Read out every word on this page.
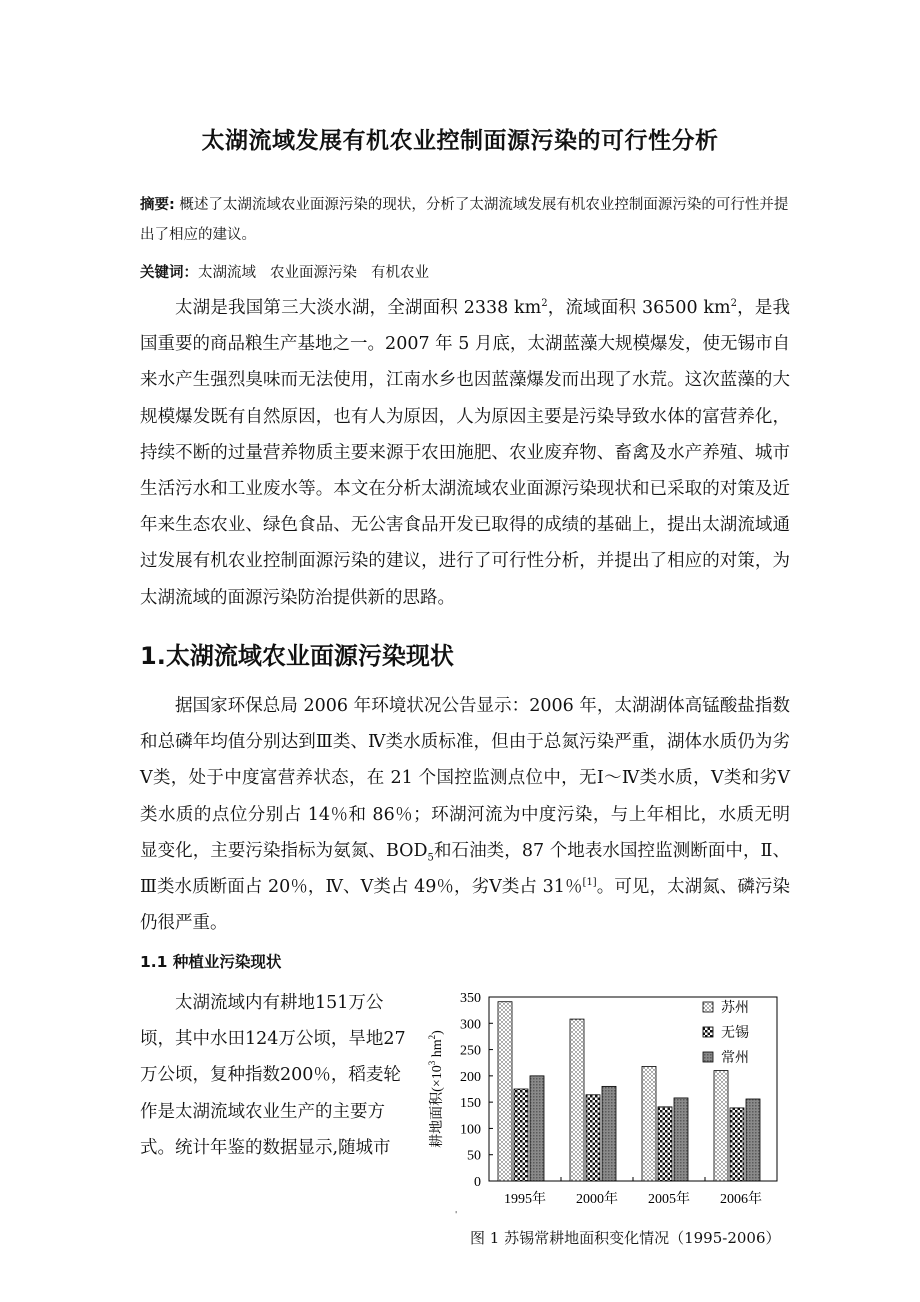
太湖流域发展有机农业控制面源污染的可行性分析
摘要: 概述了太湖流域农业面源污染的现状，分析了太湖流域发展有机农业控制面源污染的可行性并提出了相应的建议。
关键词：太湖流域 农业面源污染 有机农业
太湖是我国第三大淡水湖，全湖面积 2338 $km^2$，流域面积 36500 $km^2$，是我国重要的商品粮生产基地之一。2007 年 5 月底，太湖蓝藻大规模爆发，使无锡市自来水产生强烈臭味而无法使用，江南水乡也因蓝藻爆发而出现了水荒。这次蓝藻的大规模爆发既有自然原因，也有人为原因，人为原因主要是污染导致水体的富营养化，持续不断的过量营养物质主要来源于农田施肥、农业废弃物、畜禽及水产养殖、城市生活污水和工业废水等。本文在分析太湖流域农业面源污染现状和已采取的对策及近年来生态农业、绿色食品、无公害食品开发已取得的成绩的基础上，提出太湖流域通过发展有机农业控制面源污染的建议，进行了可行性分析，并提出了相应的对策，为太湖流域的面源污染防治提供新的思路。
1.太湖流域农业面源污染现状
据国家环保总局 2006 年环境状况公告显示：2006 年，太湖湖体高锰酸盐指数和总磷年均值分别达到Ⅲ类、Ⅳ类水质标准，但由于总氮污染严重，湖体水质仍为劣Ⅴ类，处于中度富营养状态，在 21 个国控监测点位中，无Ⅰ～Ⅳ类水质，Ⅴ类和劣Ⅴ类水质的点位分别占 14％和 86％；环湖河流为中度污染，与上年相比，水质无明显变化，主要污染指标为氨氮、$BOD_5$和石油类，87 个地表水国控监测断面中，Ⅱ、Ⅲ类水质断面占 20％，Ⅳ、Ⅴ类占 49％，劣Ⅴ类占 31％[1]。可见，太湖氮、磷污染仍很严重。
1.1 种植业污染现状
太湖流域内有耕地151万公顷，其中水田124万公顷，旱地27万公顷，复种指数200％，稻麦轮作是太湖流域农业生产的主要方式。统计年鉴的数据显示,随城市	耕地面积($\times 10^3$ $hm^2$)
0
50
100
150
200
250
300
350
1995年 2000年 2005年 2006年
苏州
无锡
常州
'
图 1 苏锡常耕地面积变化情况（1995-2006）
